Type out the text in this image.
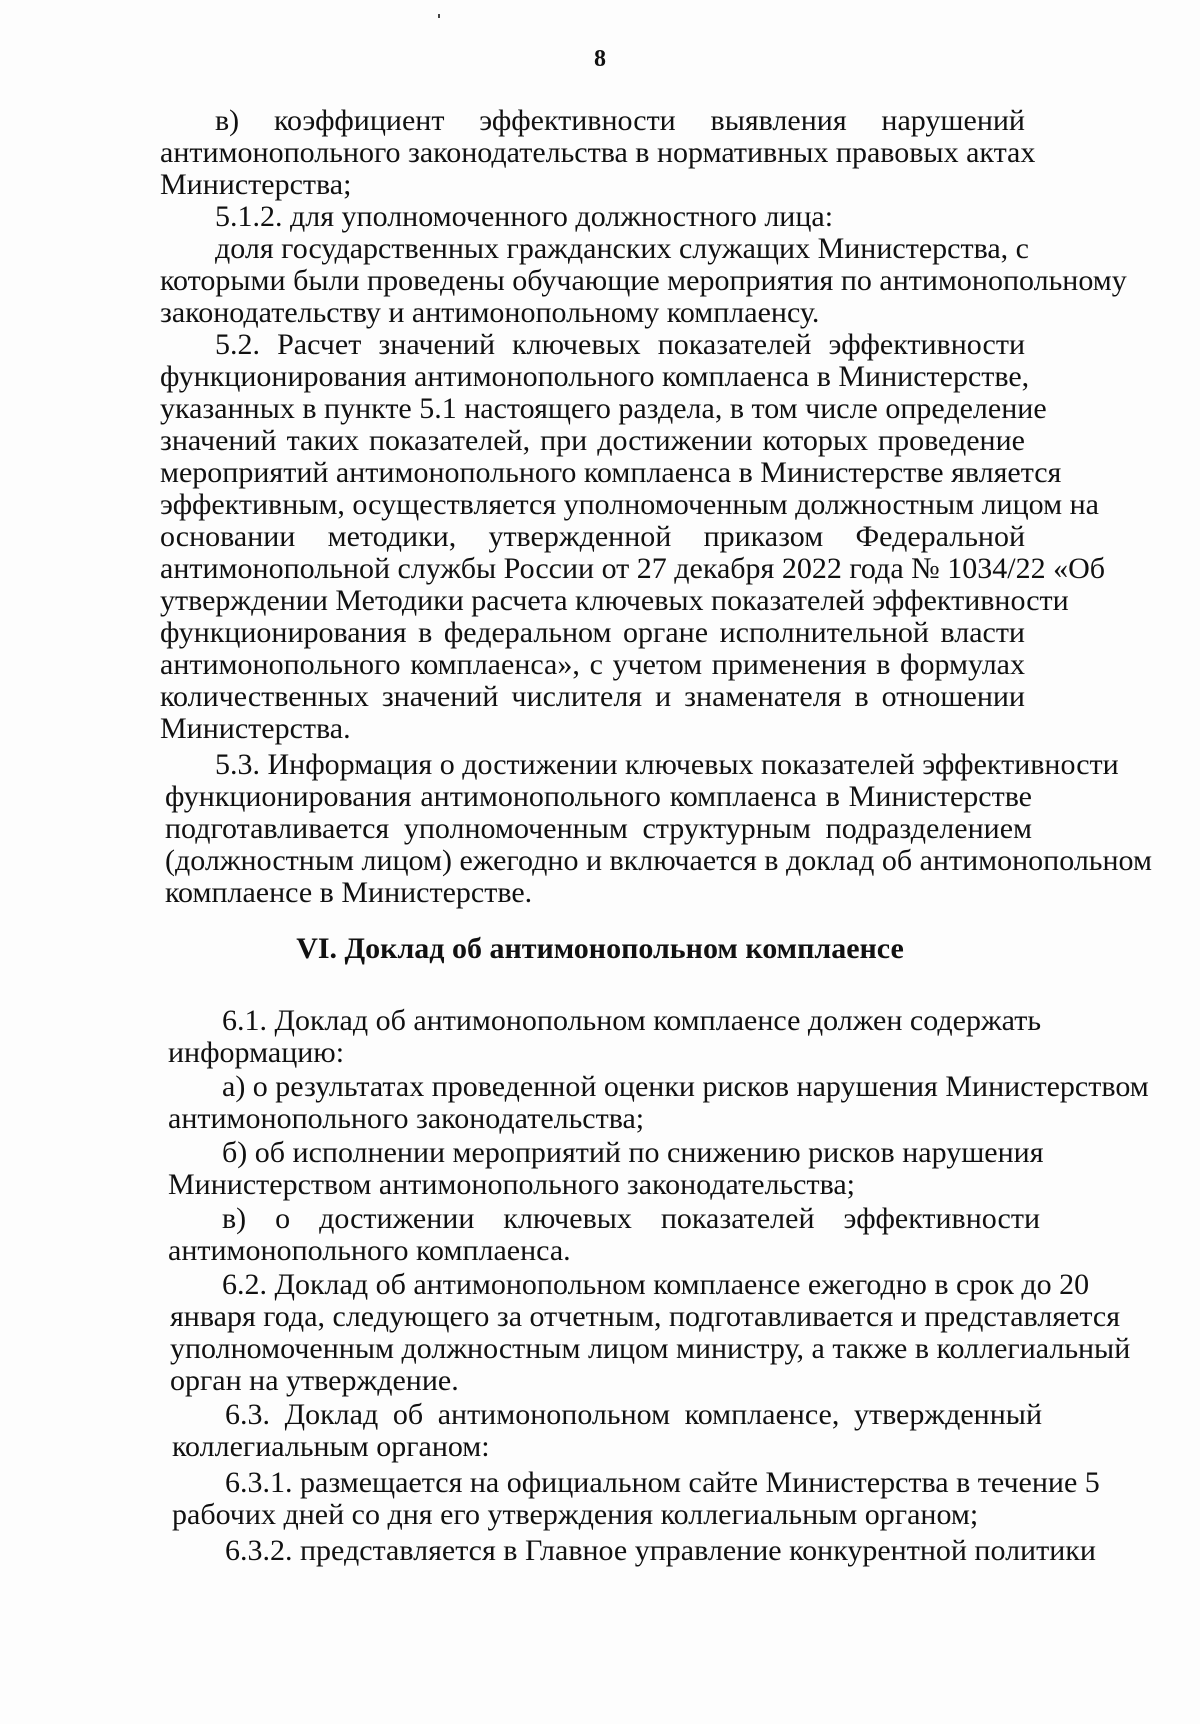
8
в) коэффициент эффективности выявления нарушений
антимонопольного законодательства в нормативных правовых актах
Министерства;
5.1.2. для уполномоченного должностного лица:
доля государственных гражданских служащих Министерства, с
которыми были проведены обучающие мероприятия по антимонопольному
законодательству и антимонопольному комплаенсу.
5.2. Расчет значений ключевых показателей эффективности
функционирования антимонопольного комплаенса в Министерстве,
указанных в пункте 5.1 настоящего раздела, в том числе определение
значений таких показателей, при достижении которых проведение
мероприятий антимонопольного комплаенса в Министерстве является
эффективным, осуществляется уполномоченным должностным лицом на
основании методики, утвержденной приказом Федеральной
антимонопольной службы России от 27 декабря 2022 года № 1034/22 «Об
утверждении Методики расчета ключевых показателей эффективности
функционирования в федеральном органе исполнительной власти
антимонопольного комплаенса», с учетом применения в формулах
количественных значений числителя и знаменателя в отношении
Министерства.
5.3. Информация о достижении ключевых показателей эффективности
функционирования антимонопольного комплаенса в Министерстве
подготавливается уполномоченным структурным подразделением
(должностным лицом) ежегодно и включается в доклад об антимонопольном
комплаенсе в Министерстве.
VI. Доклад об антимонопольном комплаенсе
6.1. Доклад об антимонопольном комплаенсе должен содержать
информацию:
а) о результатах проведенной оценки рисков нарушения Министерством
антимонопольного законодательства;
б) об исполнении мероприятий по снижению рисков нарушения
Министерством антимонопольного законодательства;
в) о достижении ключевых показателей эффективности
антимонопольного комплаенса.
6.2. Доклад об антимонопольном комплаенсе ежегодно в срок до 20
января года, следующего за отчетным, подготавливается и представляется
уполномоченным должностным лицом министру, а также в коллегиальный
орган на утверждение.
6.3. Доклад об антимонопольном комплаенсе, утвержденный
коллегиальным органом:
6.3.1. размещается на официальном сайте Министерства в течение 5
рабочих дней со дня его утверждения коллегиальным органом;
6.3.2. представляется в Главное управление конкурентной политики
